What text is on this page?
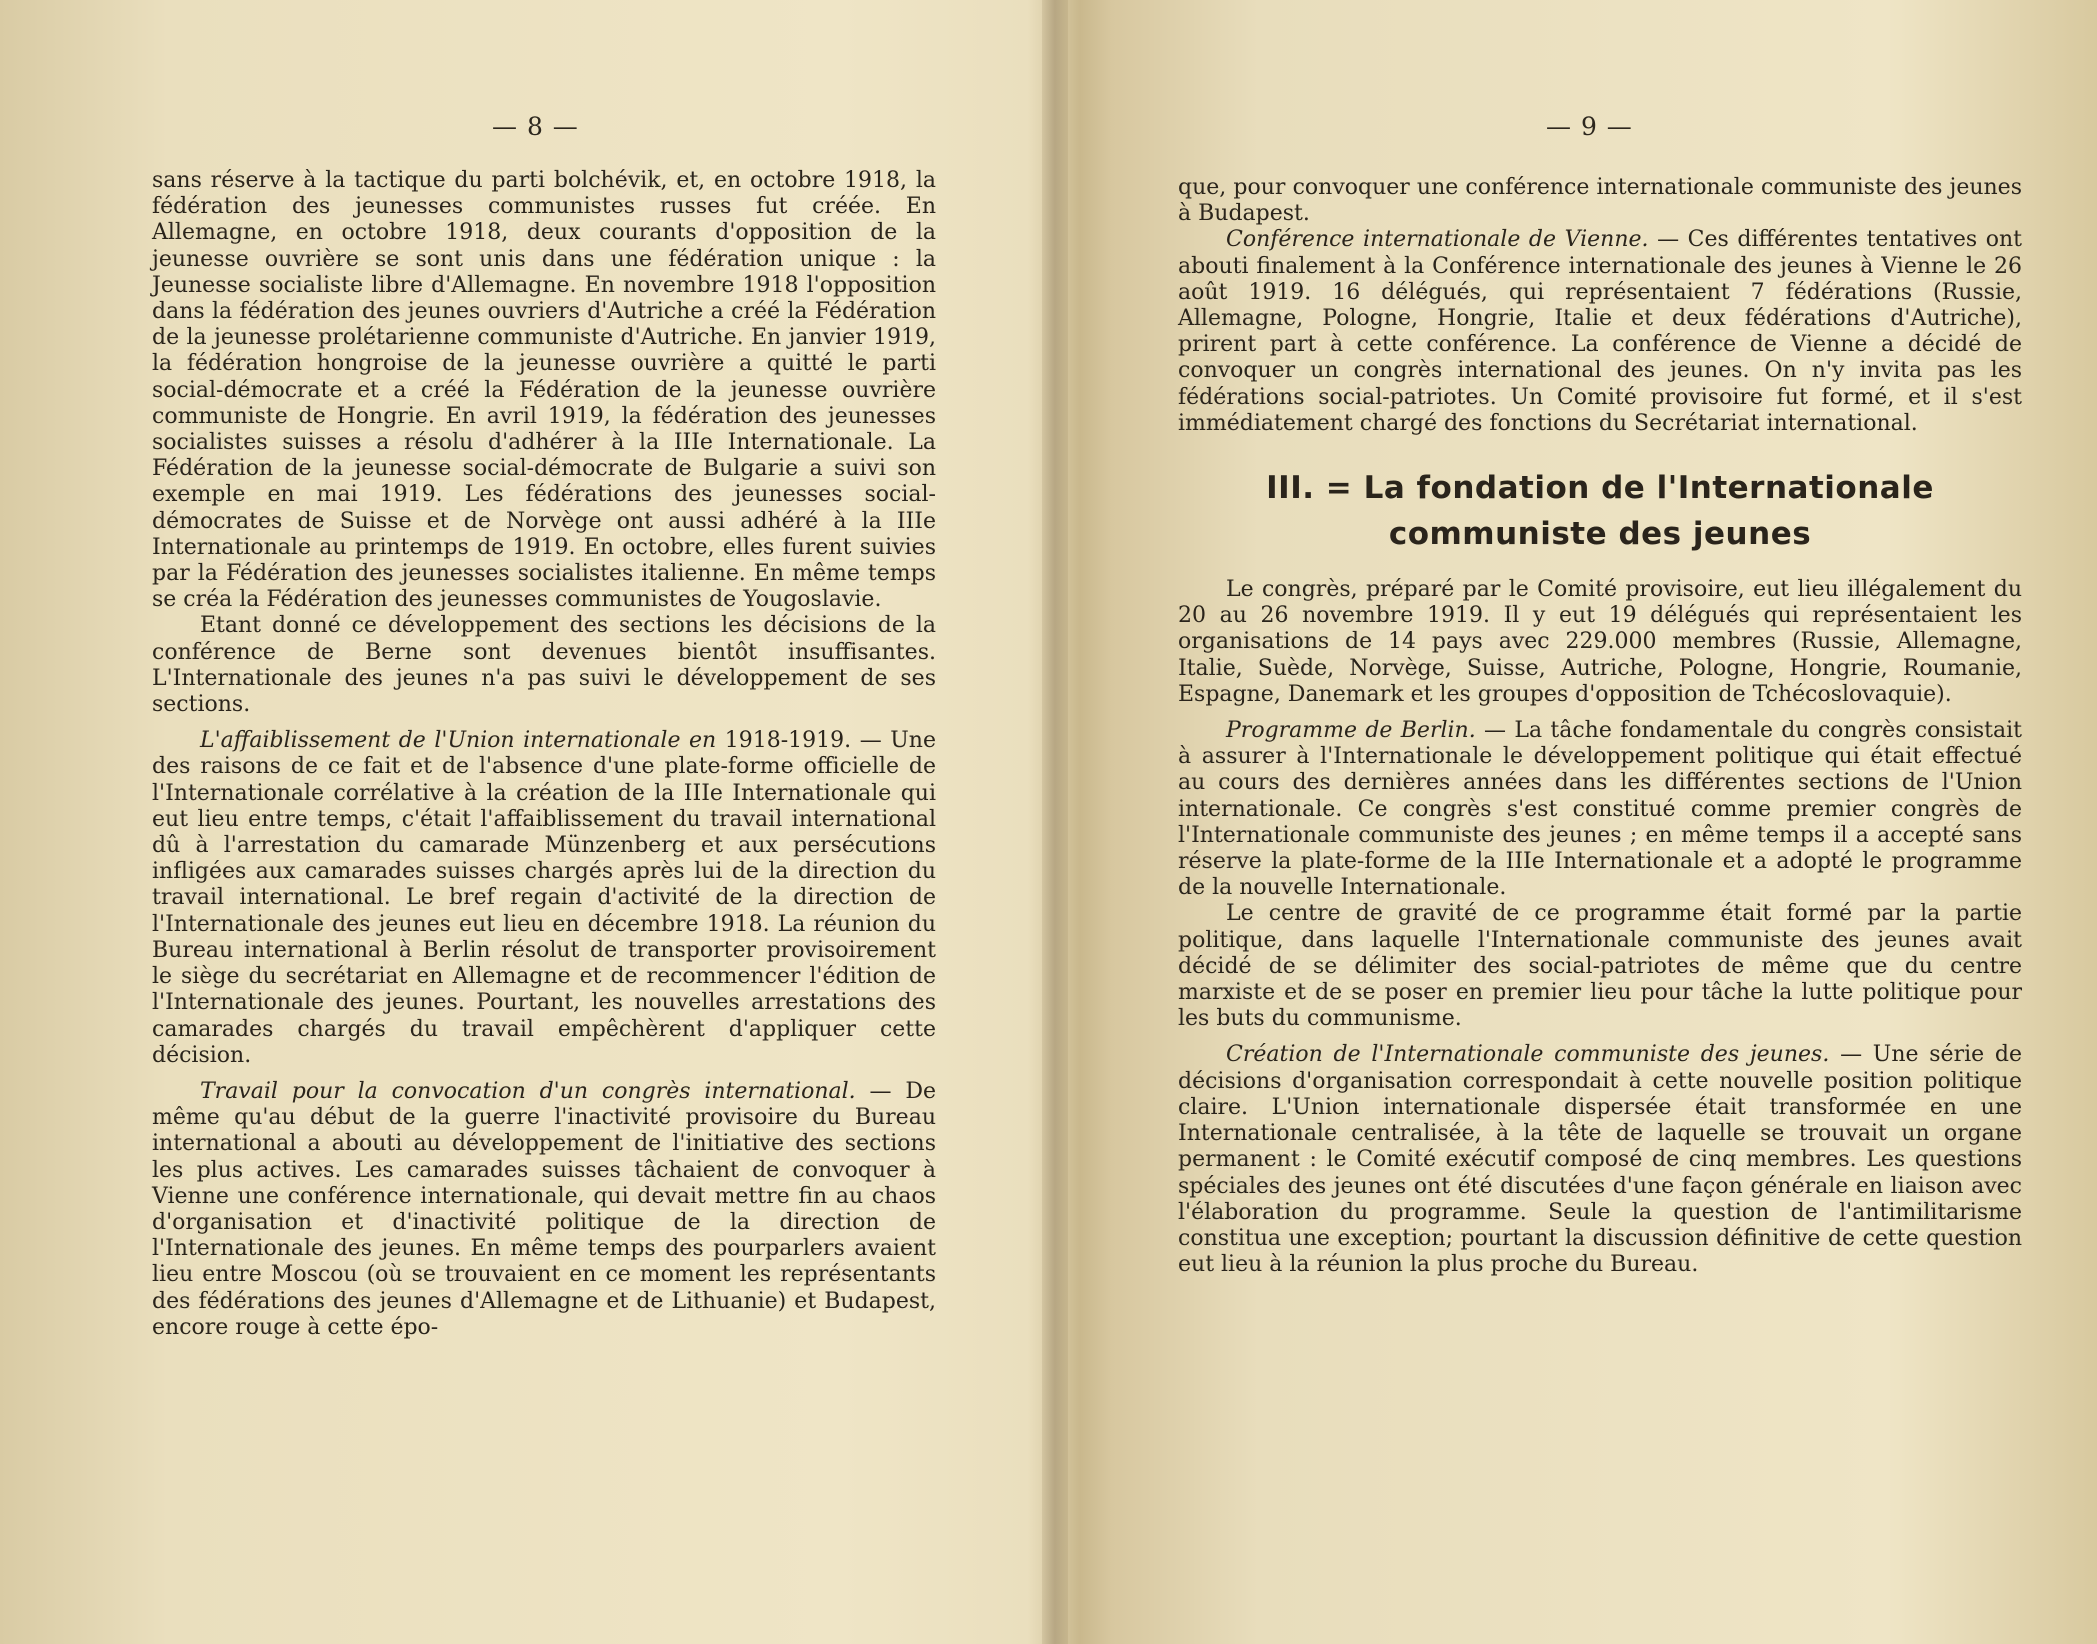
— 8 —

sans réserve à la tactique du parti bolchévik, et, en octobre 1918, la fédération des jeunesses communistes russes fut créée. En Allemagne, en octobre 1918, deux courants d'opposition de la jeunesse ouvrière se sont unis dans une fédération unique : la Jeunesse socialiste libre d'Allemagne. En novembre 1918 l'opposition dans la fédération des jeunes ouvriers d'Autriche a créé la Fédération de la jeunesse prolétarienne communiste d'Autriche. En janvier 1919, la fédération hongroise de la jeunesse ouvrière a quitté le parti social-démocrate et a créé la Fédération de la jeunesse ouvrière communiste de Hongrie. En avril 1919, la fédération des jeunesses socialistes suisses a résolu d'adhérer à la IIIe Internationale. La Fédération de la jeunesse social-démocrate de Bulgarie a suivi son exemple en mai 1919. Les fédérations des jeunesses social-démocrates de Suisse et de Norvège ont aussi adhéré à la IIIe Internationale au printemps de 1919. En octobre, elles furent suivies par la Fédération des jeunesses socialistes italienne. En même temps se créa la Fédération des jeunesses communistes de Yougoslavie.

Etant donné ce développement des sections les décisions de la conférence de Berne sont devenues bientôt insuffisantes. L'Internationale des jeunes n'a pas suivi le développement de ses sections.

L'affaiblissement de l'Union internationale en 1918-1919. — Une des raisons de ce fait et de l'absence d'une plate-forme officielle de l'Internationale corrélative à la création de la IIIe Internationale qui eut lieu entre temps, c'était l'affaiblissement du travail international dû à l'arrestation du camarade Münzenberg et aux persécutions infligées aux camarades suisses chargés après lui de la direction du travail international. Le bref regain d'activité de la direction de l'Internationale des jeunes eut lieu en décembre 1918. La réunion du Bureau international à Berlin résolut de transporter provisoirement le siège du secrétariat en Allemagne et de recommencer l'édition de l'Internationale des jeunes. Pourtant, les nouvelles arrestations des camarades chargés du travail empêchèrent d'appliquer cette décision.

Travail pour la convocation d'un congrès international. — De même qu'au début de la guerre l'inactivité provisoire du Bureau international a abouti au développement de l'initiative des sections les plus actives. Les camarades suisses tâchaient de convoquer à Vienne une conférence internationale, qui devait mettre fin au chaos d'organisation et d'inactivité politique de la direction de l'Internationale des jeunes. En même temps des pourparlers avaient lieu entre Moscou (où se trouvaient en ce moment les représentants des fédérations des jeunes d'Allemagne et de Lithuanie) et Budapest, encore rouge à cette épo-

— 9 —

que, pour convoquer une conférence internationale communiste des jeunes à Budapest.

Conférence internationale de Vienne. — Ces différentes tentatives ont abouti finalement à la Conférence internationale des jeunes à Vienne le 26 août 1919. 16 délégués, qui représentaient 7 fédérations (Russie, Allemagne, Pologne, Hongrie, Italie et deux fédérations d'Autriche), prirent part à cette conférence. La conférence de Vienne a décidé de convoquer un congrès international des jeunes. On n'y invita pas les fédérations social-patriotes. Un Comité provisoire fut formé, et il s'est immédiatement chargé des fonctions du Secrétariat international.

III. = La fondation de l'Internationale
communiste des jeunes

Le congrès, préparé par le Comité provisoire, eut lieu illégalement du 20 au 26 novembre 1919. Il y eut 19 délégués qui représentaient les organisations de 14 pays avec 229.000 membres (Russie, Allemagne, Italie, Suède, Norvège, Suisse, Autriche, Pologne, Hongrie, Roumanie, Espagne, Danemark et les groupes d'opposition de Tchécoslovaquie).

Programme de Berlin. — La tâche fondamentale du congrès consistait à assurer à l'Internationale le développement politique qui était effectué au cours des dernières années dans les différentes sections de l'Union internationale. Ce congrès s'est constitué comme premier congrès de l'Internationale communiste des jeunes ; en même temps il a accepté sans réserve la plate-forme de la IIIe Internationale et a adopté le programme de la nouvelle Internationale.

Le centre de gravité de ce programme était formé par la partie politique, dans laquelle l'Internationale communiste des jeunes avait décidé de se délimiter des social-patriotes de même que du centre marxiste et de se poser en premier lieu pour tâche la lutte politique pour les buts du communisme.

Création de l'Internationale communiste des jeunes. — Une série de décisions d'organisation correspondait à cette nouvelle position politique claire. L'Union internationale dispersée était transformée en une Internationale centralisée, à la tête de laquelle se trouvait un organe permanent : le Comité exécutif composé de cinq membres. Les questions spéciales des jeunes ont été discutées d'une façon générale en liaison avec l'élaboration du programme. Seule la question de l'antimilitarisme constitua une exception; pourtant la discussion définitive de cette question eut lieu à la réunion la plus proche du Bureau.
